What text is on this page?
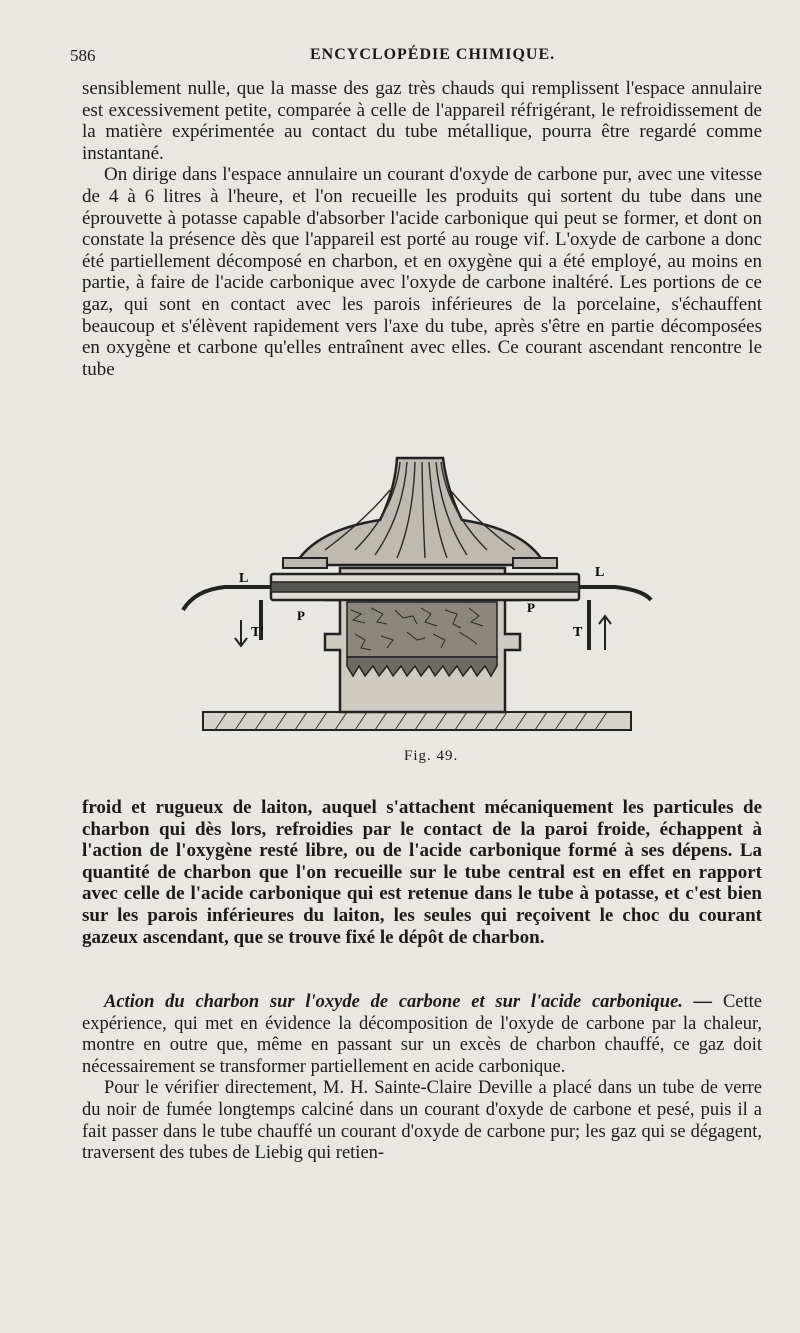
586	ENCYCLOPÉDIE CHIMIQUE.

sensiblement nulle, que la masse des gaz très chauds qui remplissent l'espace annulaire est excessivement petite, comparée à celle de l'appareil réfrigérant, le refroidissement de la matière expérimentée au contact du tube métallique, pourra être regardé comme instantané.

On dirige dans l'espace annulaire un courant d'oxyde de carbone pur, avec une vitesse de 4 à 6 litres à l'heure, et l'on recueille les produits qui sortent du tube dans une éprouvette à potasse capable d'absorber l'acide carbonique qui peut se former, et dont on constate la présence dès que l'appareil est porté au rouge vif. L'oxyde de carbone a donc été partiellement décomposé en charbon, et en oxygène qui a été employé, au moins en partie, à faire de l'acide carbonique avec l'oxyde de carbone inaltéré. Les portions de ce gaz, qui sont en contact avec les parois inférieures de la porcelaine, s'échauffent beaucoup et s'élèvent rapidement vers l'axe du tube, après s'être en partie décomposées en oxygène et carbone qu'elles entraînent avec elles. Ce courant ascendant rencontre le tube

L	L
P
P
T'	T
Fig. 49.

froid et rugueux de laiton, auquel s'attachent mécaniquement les particules de charbon qui dès lors, refroidies par le contact de la paroi froide, échappent à l'action de l'oxygène resté libre, ou de l'acide carbonique formé à ses dépens. La quantité de charbon que l'on recueille sur le tube central est en effet en rapport avec celle de l'acide carbonique qui est retenue dans le tube à potasse, et c'est bien sur les parois inférieures du laiton, les seules qui reçoivent le choc du courant gazeux ascendant, que se trouve fixé le dépôt de charbon.

Action du charbon sur l'oxyde de carbone et sur l'acide carbonique. — Cette expérience, qui met en évidence la décomposition de l'oxyde de carbone par la chaleur, montre en outre que, même en passant sur un excès de charbon chauffé, ce gaz doit nécessairement se transformer partiellement en acide carbonique.

Pour le vérifier directement, M. H. Sainte-Claire Deville a placé dans un tube de verre du noir de fumée longtemps calciné dans un courant d'oxyde de carbone et pesé, puis il a fait passer dans le tube chauffé un courant d'oxyde de carbone pur; les gaz qui se dégagent, traversent des tubes de Liebig qui retien-
